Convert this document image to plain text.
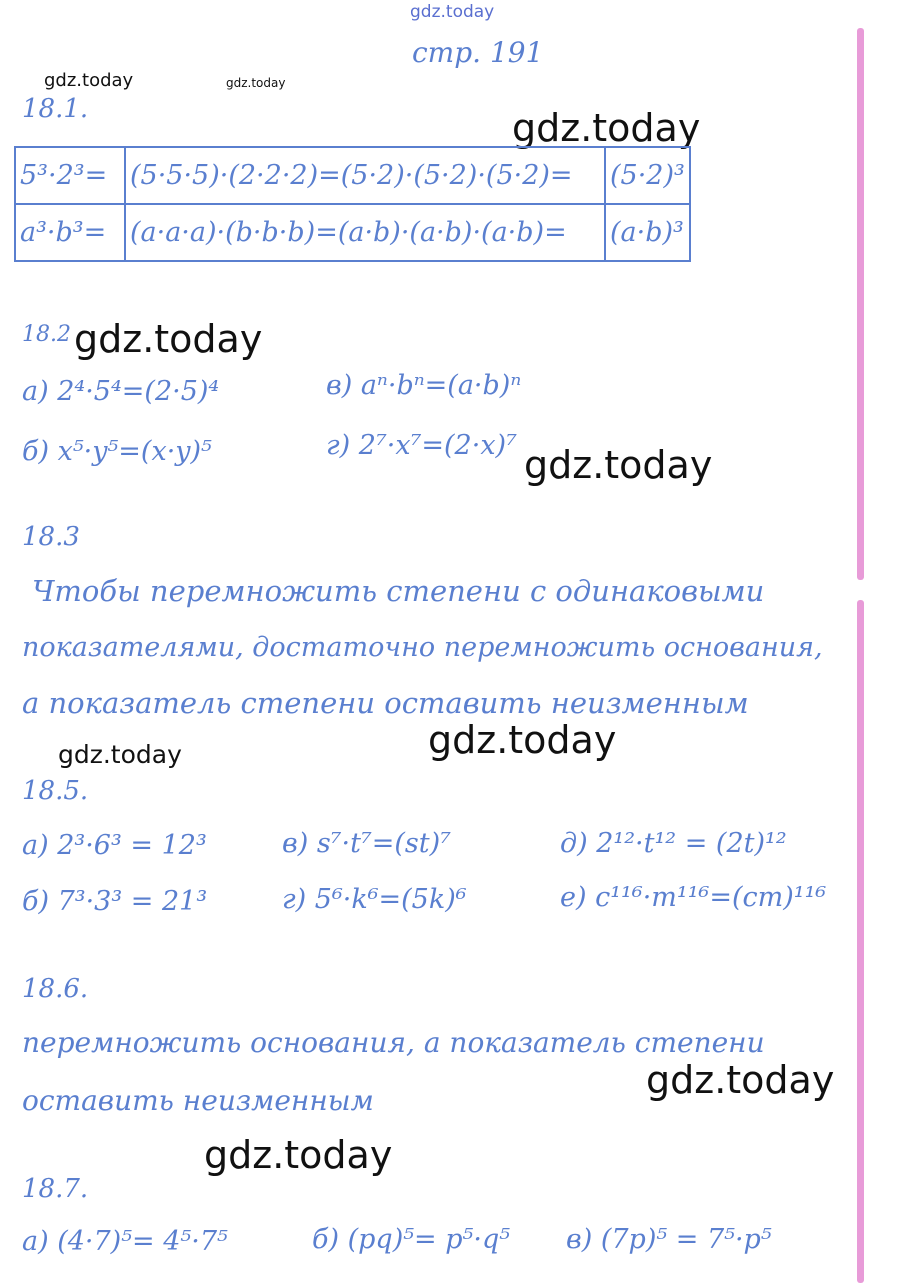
gdz.today
gdz.today	gdz.today
gdz.today
gdz.today
gdz.today
gdz.today
gdz.today
gdz.today
gdz.today
стр. 191
18.1.
5³·2³=	(5·5·5)·(2·2·2)=(5·2)·(5·2)·(5·2)=	(5·2)³
a³·b³=	(a·a·a)·(b·b·b)=(a·b)·(a·b)·(a·b)=	(a·b)³
18.2
а) 2⁴·5⁴=(2·5)⁴	в) aⁿ·bⁿ=(a·b)ⁿ
б) x⁵·y⁵=(x·y)⁵	г) 2⁷·x⁷=(2·x)⁷
18.3
Чтобы перемножить степени с одинаковыми
показателями, достаточно перемножить основания,
а показатель степени оставить неизменным
18.5.
а) 2³·6³ = 12³	в) s⁷·t⁷=(st)⁷	д) 2¹²·t¹² = (2t)¹²
б) 7³·3³ = 21³	г) 5⁶·k⁶=(5k)⁶	е) c¹¹⁶·m¹¹⁶=(cm)¹¹⁶
18.6.
перемножить основания, а показатель степени
оставить неизменным
18.7.
а) (4·7)⁵= 4⁵·7⁵	б) (pq)⁵= p⁵·q⁵ в) (7p)⁵ = 7⁵·p⁵
